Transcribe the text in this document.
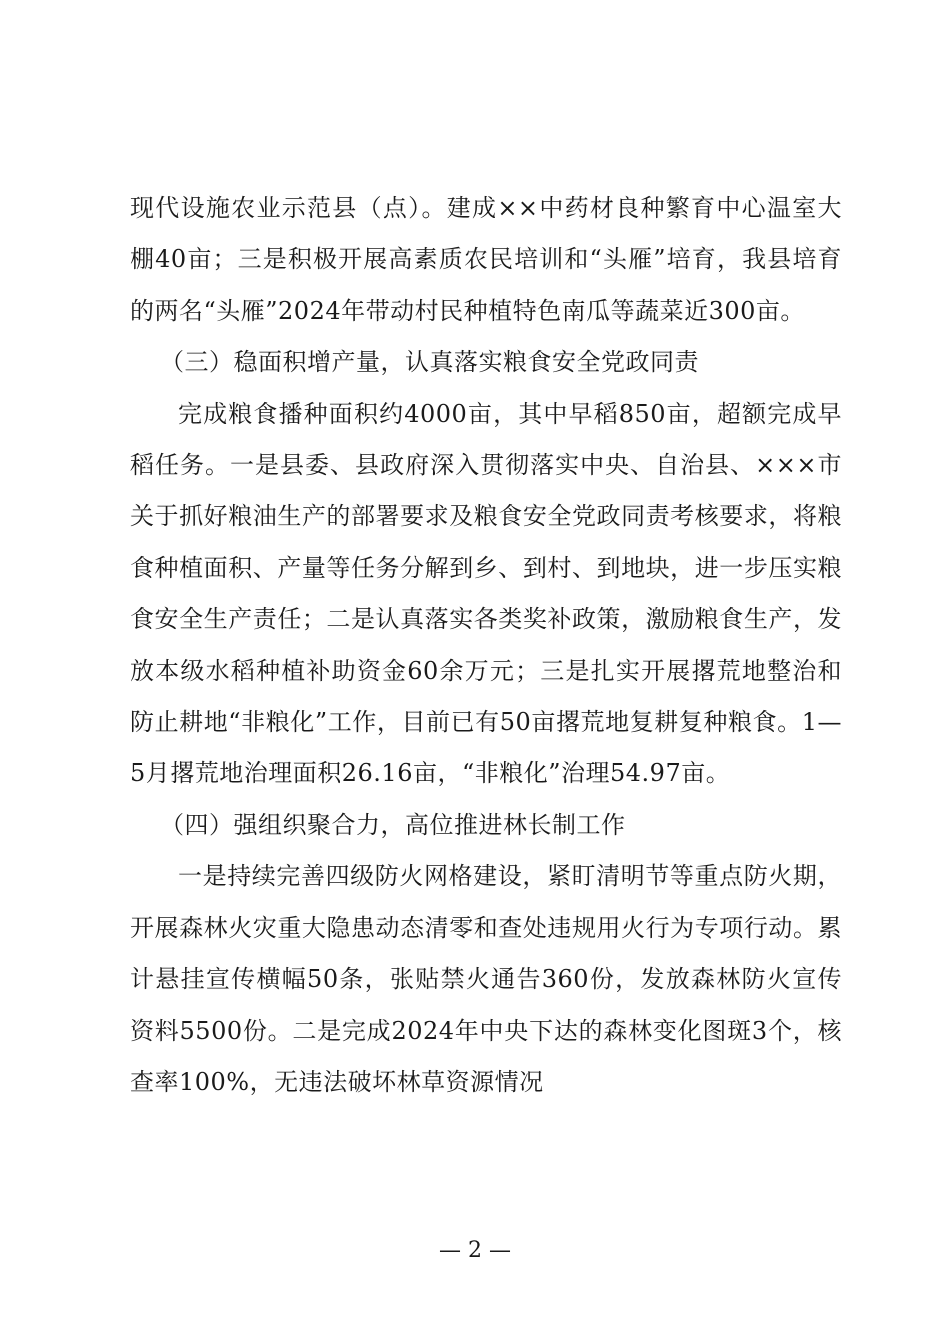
现代设施农业示范县（点）。建成××中药材良种繁育中心温室大棚40亩；三是积极开展高素质农民培训和“头雁”培育，我县培育的两名“头雁”2024年带动村民种植特色南瓜等蔬菜近300亩。

（三）稳面积增产量，认真落实粮食安全党政同责

完成粮食播种面积约4000亩，其中早稻850亩，超额完成早稻任务。一是县委、县政府深入贯彻落实中央、自治县、×××市关于抓好粮油生产的部署要求及粮食安全党政同责考核要求，将粮食种植面积、产量等任务分解到乡、到村、到地块，进一步压实粮食安全生产责任；二是认真落实各类奖补政策，激励粮食生产，发放本级水稻种植补助资金60余万元；三是扎实开展撂荒地整治和防止耕地“非粮化”工作，目前已有50亩撂荒地复耕复种粮食。1—5月撂荒地治理面积26.16亩，“非粮化”治理54.97亩。

（四）强组织聚合力，高位推进林长制工作

一是持续完善四级防火网格建设，紧盯清明节等重点防火期，开展森林火灾重大隐患动态清零和查处违规用火行为专项行动。累计悬挂宣传横幅50条，张贴禁火通告360份，发放森林防火宣传资料5500份。二是完成2024年中央下达的森林变化图斑3个，核查率100%，无违法破坏林草资源情况

— 2 —
